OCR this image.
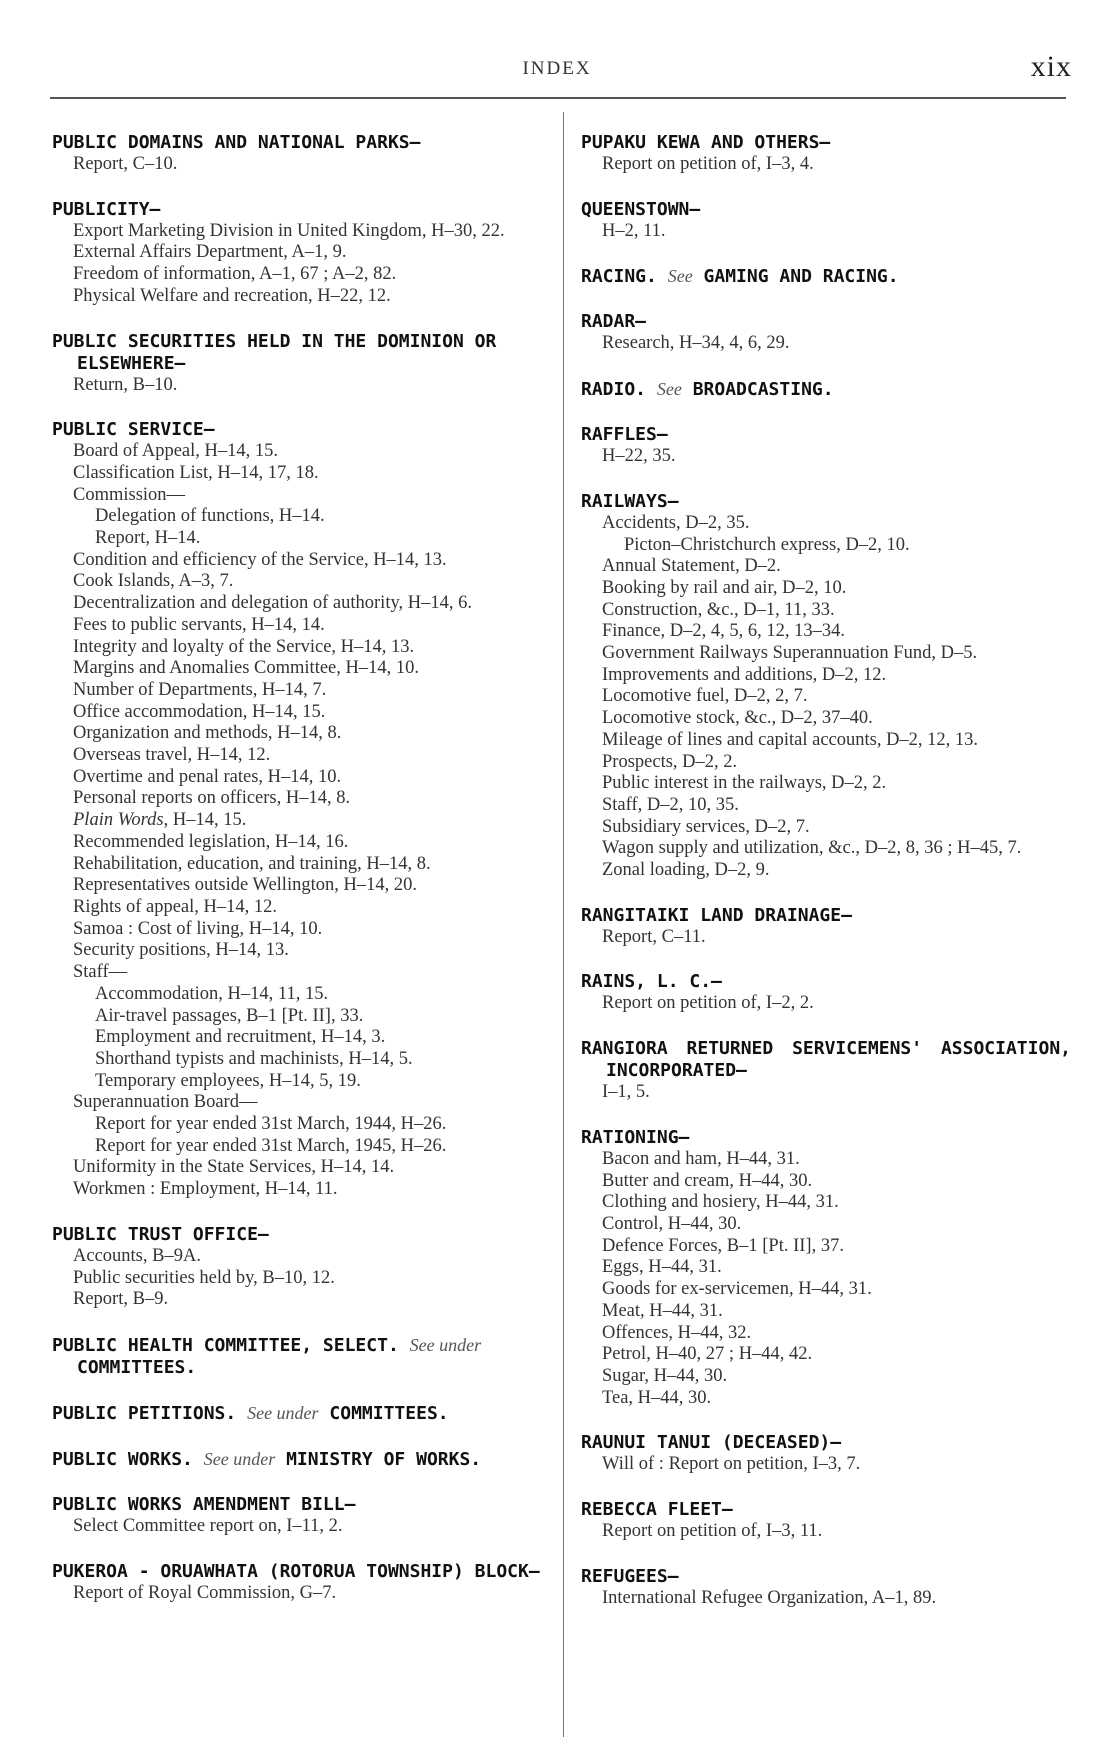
INDEX	xix
PUBLIC DOMAINS AND NATIONAL PARKS—
Report, C–10.
PUBLICITY—
Export Marketing Division in United Kingdom, H–30, 22.
External Affairs Department, A–1, 9.
Freedom of information, A–1, 67 ; A–2, 82.
Physical Welfare and recreation, H–22, 12.
PUBLIC SECURITIES HELD IN THE DOMINION OR ELSEWHERE—
Return, B–10.
PUBLIC SERVICE—
Board of Appeal, H–14, 15.
Classification List, H–14, 17, 18.
Commission—
Delegation of functions, H–14.
Report, H–14.
Condition and efficiency of the Service, H–14, 13.
Cook Islands, A–3, 7.
Decentralization and delegation of authority, H–14, 6.
Fees to public servants, H–14, 14.
Integrity and loyalty of the Service, H–14, 13.
Margins and Anomalies Committee, H–14, 10.
Number of Departments, H–14, 7.
Office accommodation, H–14, 15.
Organization and methods, H–14, 8.
Overseas travel, H–14, 12.
Overtime and penal rates, H–14, 10.
Personal reports on officers, H–14, 8.
Plain Words, H–14, 15.
Recommended legislation, H–14, 16.
Rehabilitation, education, and training, H–14, 8.
Representatives outside Wellington, H–14, 20.
Rights of appeal, H–14, 12.
Samoa : Cost of living, H–14, 10.
Security positions, H–14, 13.
Staff—
Accommodation, H–14, 11, 15.
Air-travel passages, B–1 [Pt. II], 33.
Employment and recruitment, H–14, 3.
Shorthand typists and machinists, H–14, 5.
Temporary employees, H–14, 5, 19.
Superannuation Board—
Report for year ended 31st March, 1944, H–26.
Report for year ended 31st March, 1945, H–26.
Uniformity in the State Services, H–14, 14.
Workmen : Employment, H–14, 11.
PUBLIC TRUST OFFICE—
Accounts, B–9A.
Public securities held by, B–10, 12.
Report, B–9.
PUBLIC HEALTH COMMITTEE, SELECT. See under COMMITTEES.
PUBLIC PETITIONS. See under COMMITTEES.
PUBLIC WORKS. See under MINISTRY OF WORKS.
PUBLIC WORKS AMENDMENT BILL—
Select Committee report on, I–11, 2.
PUKEROA - ORUAWHATA (ROTORUA TOWNSHIP) BLOCK—
Report of Royal Commission, G–7.
PUPAKU KEWA AND OTHERS—
Report on petition of, I–3, 4.
QUEENSTOWN—
H–2, 11.
RACING. See GAMING AND RACING.
RADAR—
Research, H–34, 4, 6, 29.
RADIO. See BROADCASTING.
RAFFLES—
H–22, 35.
RAILWAYS—
Accidents, D–2, 35.
Picton–Christchurch express, D–2, 10.
Annual Statement, D–2.
Booking by rail and air, D–2, 10.
Construction, &c., D–1, 11, 33.
Finance, D–2, 4, 5, 6, 12, 13–34.
Government Railways Superannuation Fund, D–5.
Improvements and additions, D–2, 12.
Locomotive fuel, D–2, 2, 7.
Locomotive stock, &c., D–2, 37–40.
Mileage of lines and capital accounts, D–2, 12, 13.
Prospects, D–2, 2.
Public interest in the railways, D–2, 2.
Staff, D–2, 10, 35.
Subsidiary services, D–2, 7.
Wagon supply and utilization, &c., D–2, 8, 36 ; H–45, 7.
Zonal loading, D–2, 9.
RANGITAIKI LAND DRAINAGE—
Report, C–11.
RAINS, L. C.—
Report on petition of, I–2, 2.
RANGIORA RETURNED SERVICEMENS' ASSOCIATION, INCORPORATED—
I–1, 5.
RATIONING—
Bacon and ham, H–44, 31.
Butter and cream, H–44, 30.
Clothing and hosiery, H–44, 31.
Control, H–44, 30.
Defence Forces, B–1 [Pt. II], 37.
Eggs, H–44, 31.
Goods for ex-servicemen, H–44, 31.
Meat, H–44, 31.
Offences, H–44, 32.
Petrol, H–40, 27 ; H–44, 42.
Sugar, H–44, 30.
Tea, H–44, 30.
RAUNUI TANUI (DECEASED)—
Will of : Report on petition, I–3, 7.
REBECCA FLEET—
Report on petition of, I–3, 11.
REFUGEES—
International Refugee Organization, A–1, 89.
